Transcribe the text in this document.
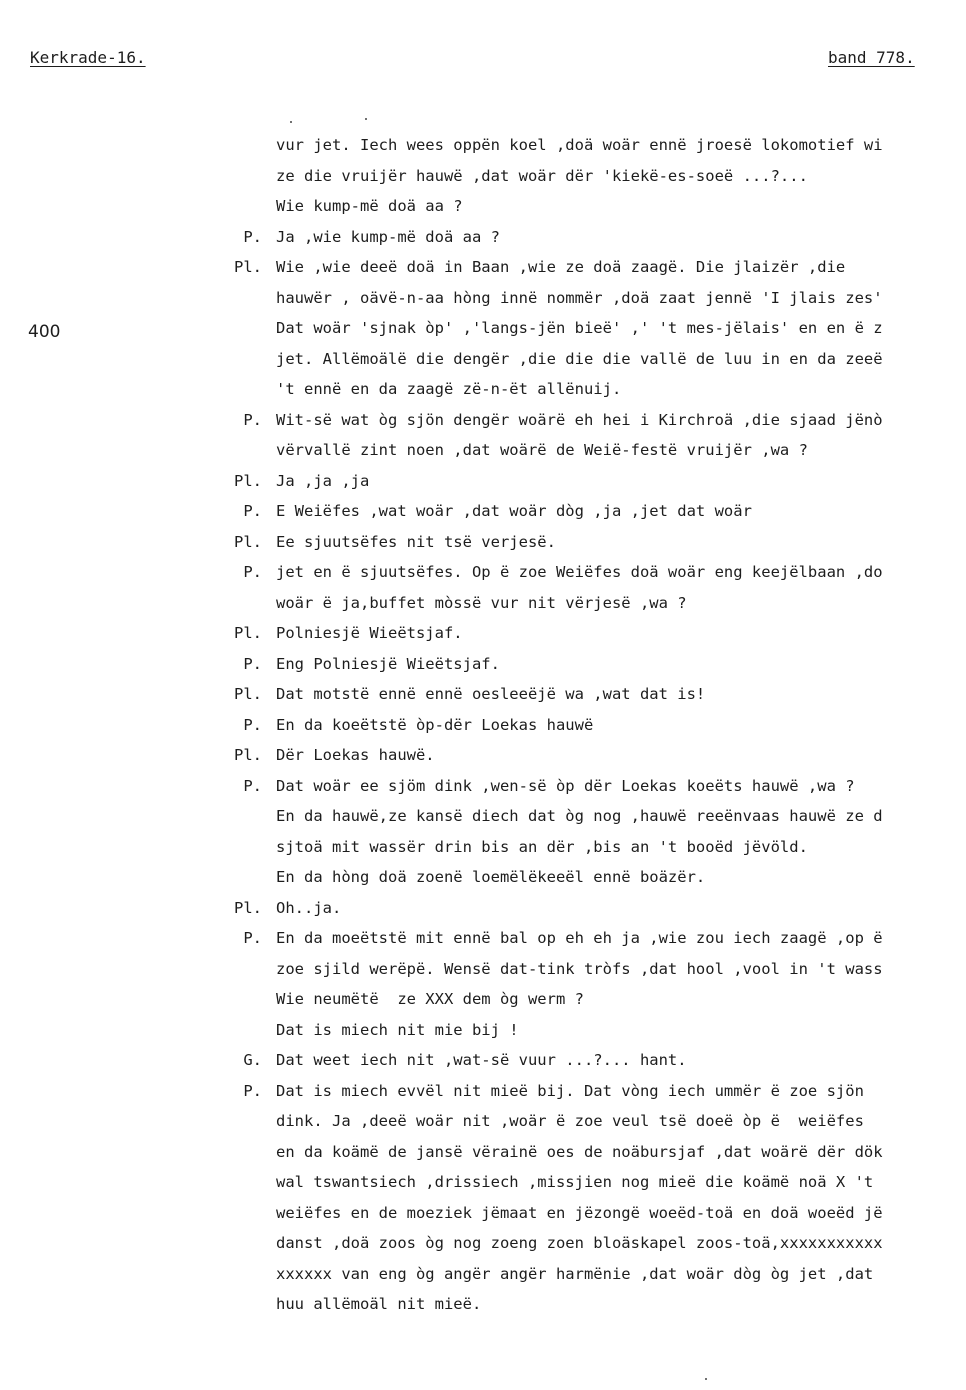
Kerkrade-16.	band 778.
400
vur jet. Iech wees oppën koel ,doä woär ennë jroesë lokomotief wi
ze die vruijër hauwë ,dat woär dër 'kiekë-es-soeë ...?...
Wie kump-më doä aa ?
P. Ja ,wie kump-më doä aa ?
Pl. Wie ,wie deeë doä in Baan ,wie ze doä zaagë. Die jlaizër ,die
hauwër , oävë-n-aa hòng innë nommër ,doä zaat jennë 'I jlais zes'
Dat woär 'sjnak òp' ,'langs-jën bieë' ,' 't mes-jëlais' en en ë z
jet. Allëmoälë die dengër ,die die die vallë de luu in en da zeeë
't ennë en da zaagë zë-n-ët allënuij.
P. Wit-së wat òg sjön dengër woärë eh hei i Kirchroä ,die sjaad jënò
vërvallë zint noen ,dat woärë de Weië-festë vruijër ,wa ?
Pl. Ja ,ja ,ja
P. E Weiëfes ,wat woär ,dat woär dòg ,ja ,jet dat woär
Pl. Ee sjuutsëfes nit tsë verjesë.
P. jet en ë sjuutsëfes. Op ë zoe Weiëfes doä woär eng keejëlbaan ,do
woär ë ja,buffet mòssë vur nit vërjesë ,wa ?
Pl. Polniesjë Wieëtsjaf.
P. Eng Polniesjë Wieëtsjaf.
Pl. Dat motstë ennë ennë oesleeëjë wa ,wat dat is!
P. En da koeëtstë òp-dër Loekas hauwë
Pl. Dër Loekas hauwë.
P. Dat woär ee sjöm dink ,wen-së òp dër Loekas koeëts hauwë ,wa ?
En da hauwë,ze kansë diech dat òg nog ,hauwë reeënvaas hauwë ze d
sjtoä mit wassër drin bis an dër ,bis an 't booëd jëvöld.
En da hòng doä zoenë loemëlëkeeël ennë boäzër.
Pl. Oh..ja.
P. En da moeëtstë mit ennë bal op eh eh ja ,wie zou iech zaagë ,op ë
zoe sjild werëpë. Wensë dat-tink tròfs ,dat hool ,vool in 't wass
Wie neumëtë  ze XXX dem òg werm ?
Dat is miech nit mie bij !
G. Dat weet iech nit ,wat-së vuur ...?... hant.
P. Dat is miech evvël nit mieë bij. Dat vòng iech ummër ë zoe sjön
dink. Ja ,deeë woär nit ,woär ë zoe veul tsë doeë òp ë  weiëfes
en da koämë de jansë vërainë oes de noäbursjaf ,dat woärë dër dök
wal tswantsiech ,drissiech ,missjien nog mieë die koämë noä X 't
weiëfes en de moeziek jëmaat en jëzongë woeëd-toä en doä woeëd jë
danst ,doä zoos òg nog zoeng zoen bloäskapel zoos-toä,xxxxxxxxxxx
xxxxxx van eng òg angër angër harmënie ,dat woär dòg òg jet ,dat
huu allëmoäl nit mieë.
